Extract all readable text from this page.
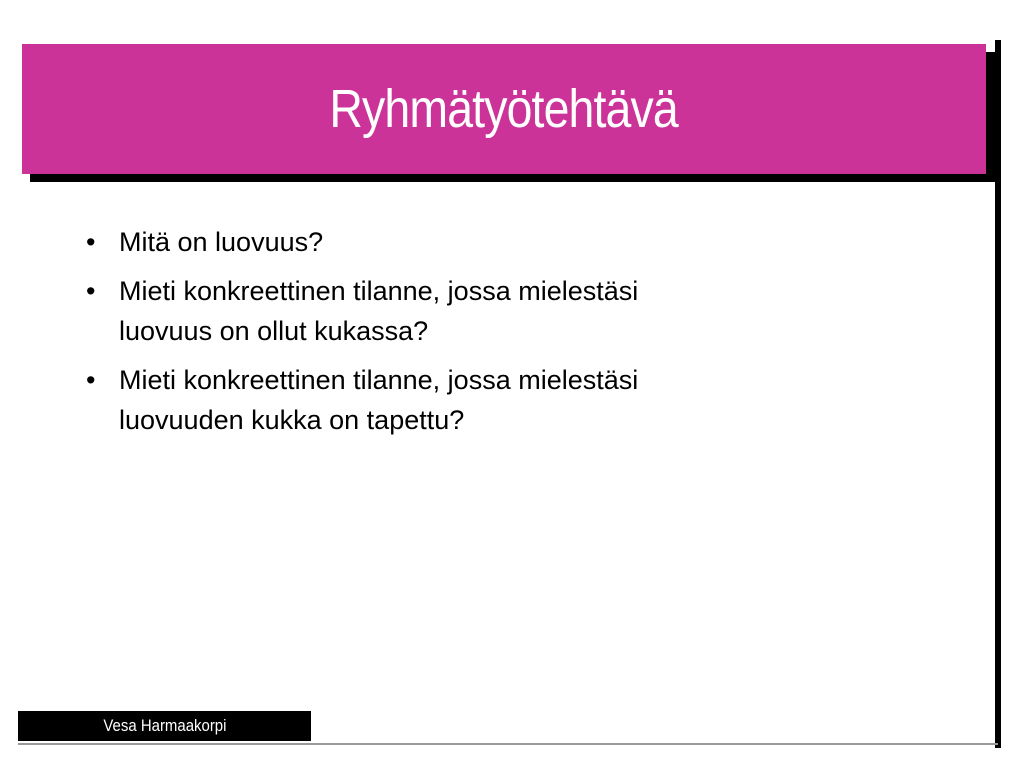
Ryhmätyötehtävä
• Mitä on luovuus?
• Mieti konkreettinen tilanne, jossa mielestäsi
luovuus on ollut kukassa?
• Mieti konkreettinen tilanne, jossa mielestäsi
luovuuden kukka on tapettu?
Vesa Harmaakorpi
